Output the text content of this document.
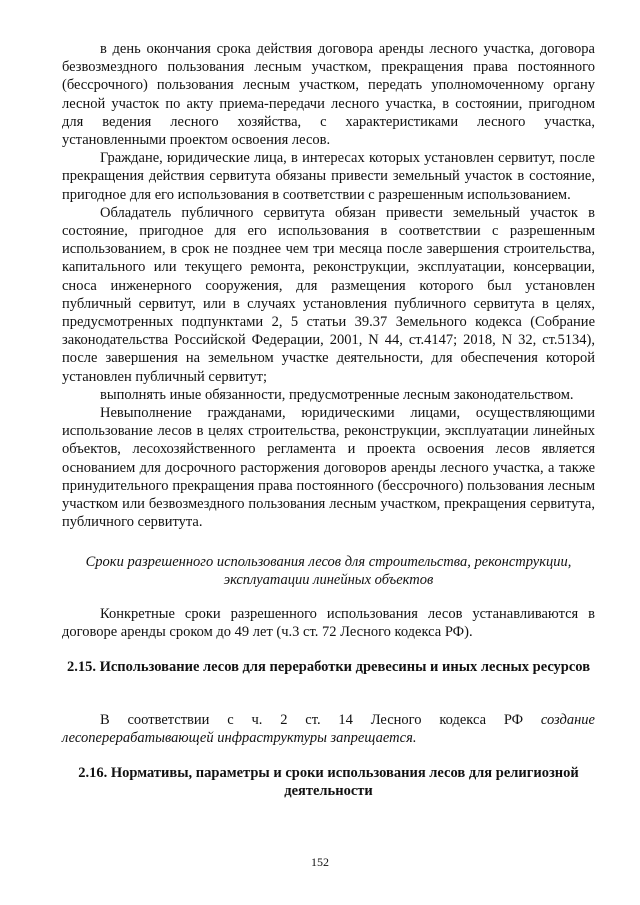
в день окончания срока действия договора аренды лесного участка, договора безвозмездного пользования лесным участком, прекращения права постоянного (бессрочного) пользования лесным участком, передать уполномоченному органу лесной участок по акту приема-передачи лесного участка, в состоянии, пригодном для ведения лесного хозяйства, с характеристиками лесного участка, установленными проектом освоения лесов.

Граждане, юридические лица, в интересах которых установлен сервитут, после прекращения действия сервитута обязаны привести земельный участок в состояние, пригодное для его использования в соответствии с разрешенным использованием.

Обладатель публичного сервитута обязан привести земельный участок в состояние, пригодное для его использования в соответствии с разрешенным использованием, в срок не позднее чем три месяца после завершения строительства, капитального или текущего ремонта, реконструкции, эксплуатации, консервации, сноса инженерного сооружения, для размещения которого был установлен публичный сервитут, или в случаях установления публичного сервитута в целях, предусмотренных подпунктами 2, 5 статьи 39.37 Земельного кодекса (Собрание законодательства Российской Федерации, 2001, N 44, ст.4147; 2018, N 32, ст.5134), после завершения на земельном участке деятельности, для обеспечения которой установлен публичный сервитут;

выполнять иные обязанности, предусмотренные лесным законодательством.

Невыполнение гражданами, юридическими лицами, осуществляющими использование лесов в целях строительства, реконструкции, эксплуатации линейных объектов, лесохозяйственного регламента и проекта освоения лесов является основанием для досрочного расторжения договоров аренды лесного участка, а также принудительного прекращения права постоянного (бессрочного) пользования лесным участком или безвозмездного пользования лесным участком, прекращения сервитута, публичного сервитута.

Сроки разрешенного использования лесов для строительства, реконструкции, эксплуатации линейных объектов

Конкретные сроки разрешенного использования лесов устанавливаются в договоре аренды сроком до 49 лет (ч.3 ст. 72 Лесного кодекса РФ).

2.15. Использование лесов для переработки древесины и иных лесных ресурсов

В соответствии с ч. 2 ст. 14 Лесного кодекса РФ создание лесоперерабатывающей инфраструктуры запрещается.

2.16. Нормативы, параметры и сроки использования лесов для религиозной деятельности
152
